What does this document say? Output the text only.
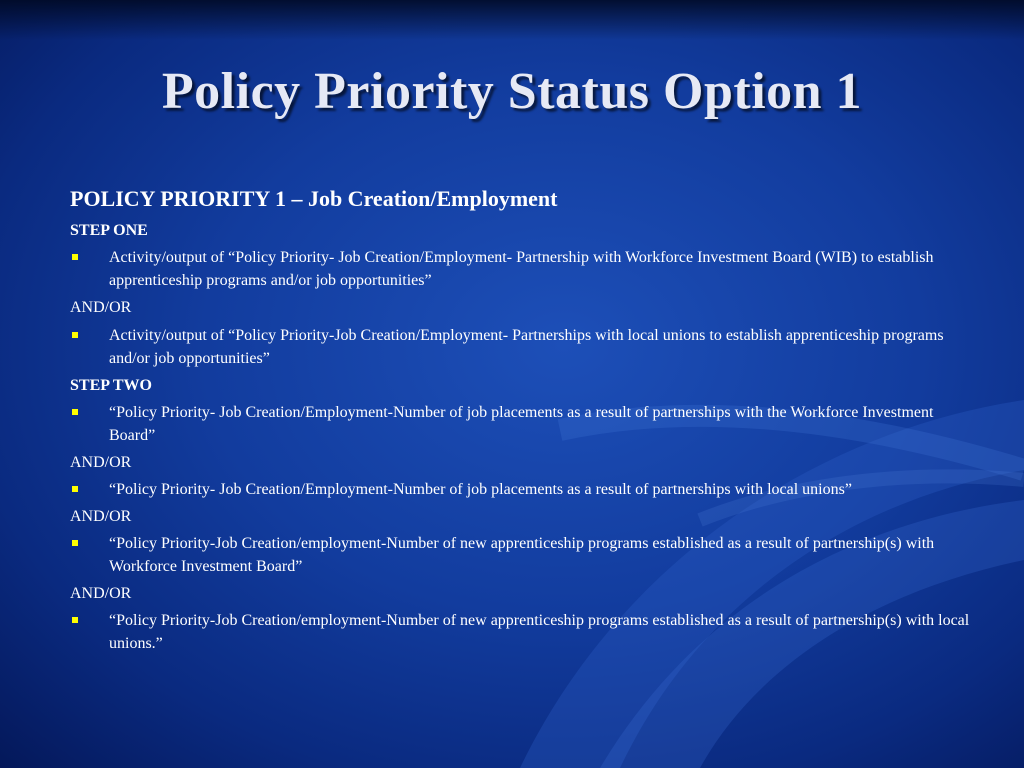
Policy Priority Status Option 1
POLICY PRIORITY 1 – Job Creation/Employment
STEP ONE
Activity/output of “Policy Priority- Job Creation/Employment- Partnership with Workforce Investment Board (WIB) to establish apprenticeship programs and/or job opportunities”
AND/OR
Activity/output of “Policy Priority-Job Creation/Employment- Partnerships with local unions to establish apprenticeship programs and/or job opportunities”
STEP TWO
“Policy Priority- Job Creation/Employment-Number of job placements as a result of partnerships with the Workforce Investment Board”
AND/OR
“Policy Priority- Job Creation/Employment-Number of job placements as a result of partnerships with local unions”
AND/OR
“Policy Priority-Job Creation/employment-Number of new apprenticeship programs established as a result of partnership(s) with Workforce Investment Board”
AND/OR
“Policy Priority-Job Creation/employment-Number of new apprenticeship programs established as a result of partnership(s) with local unions.”
